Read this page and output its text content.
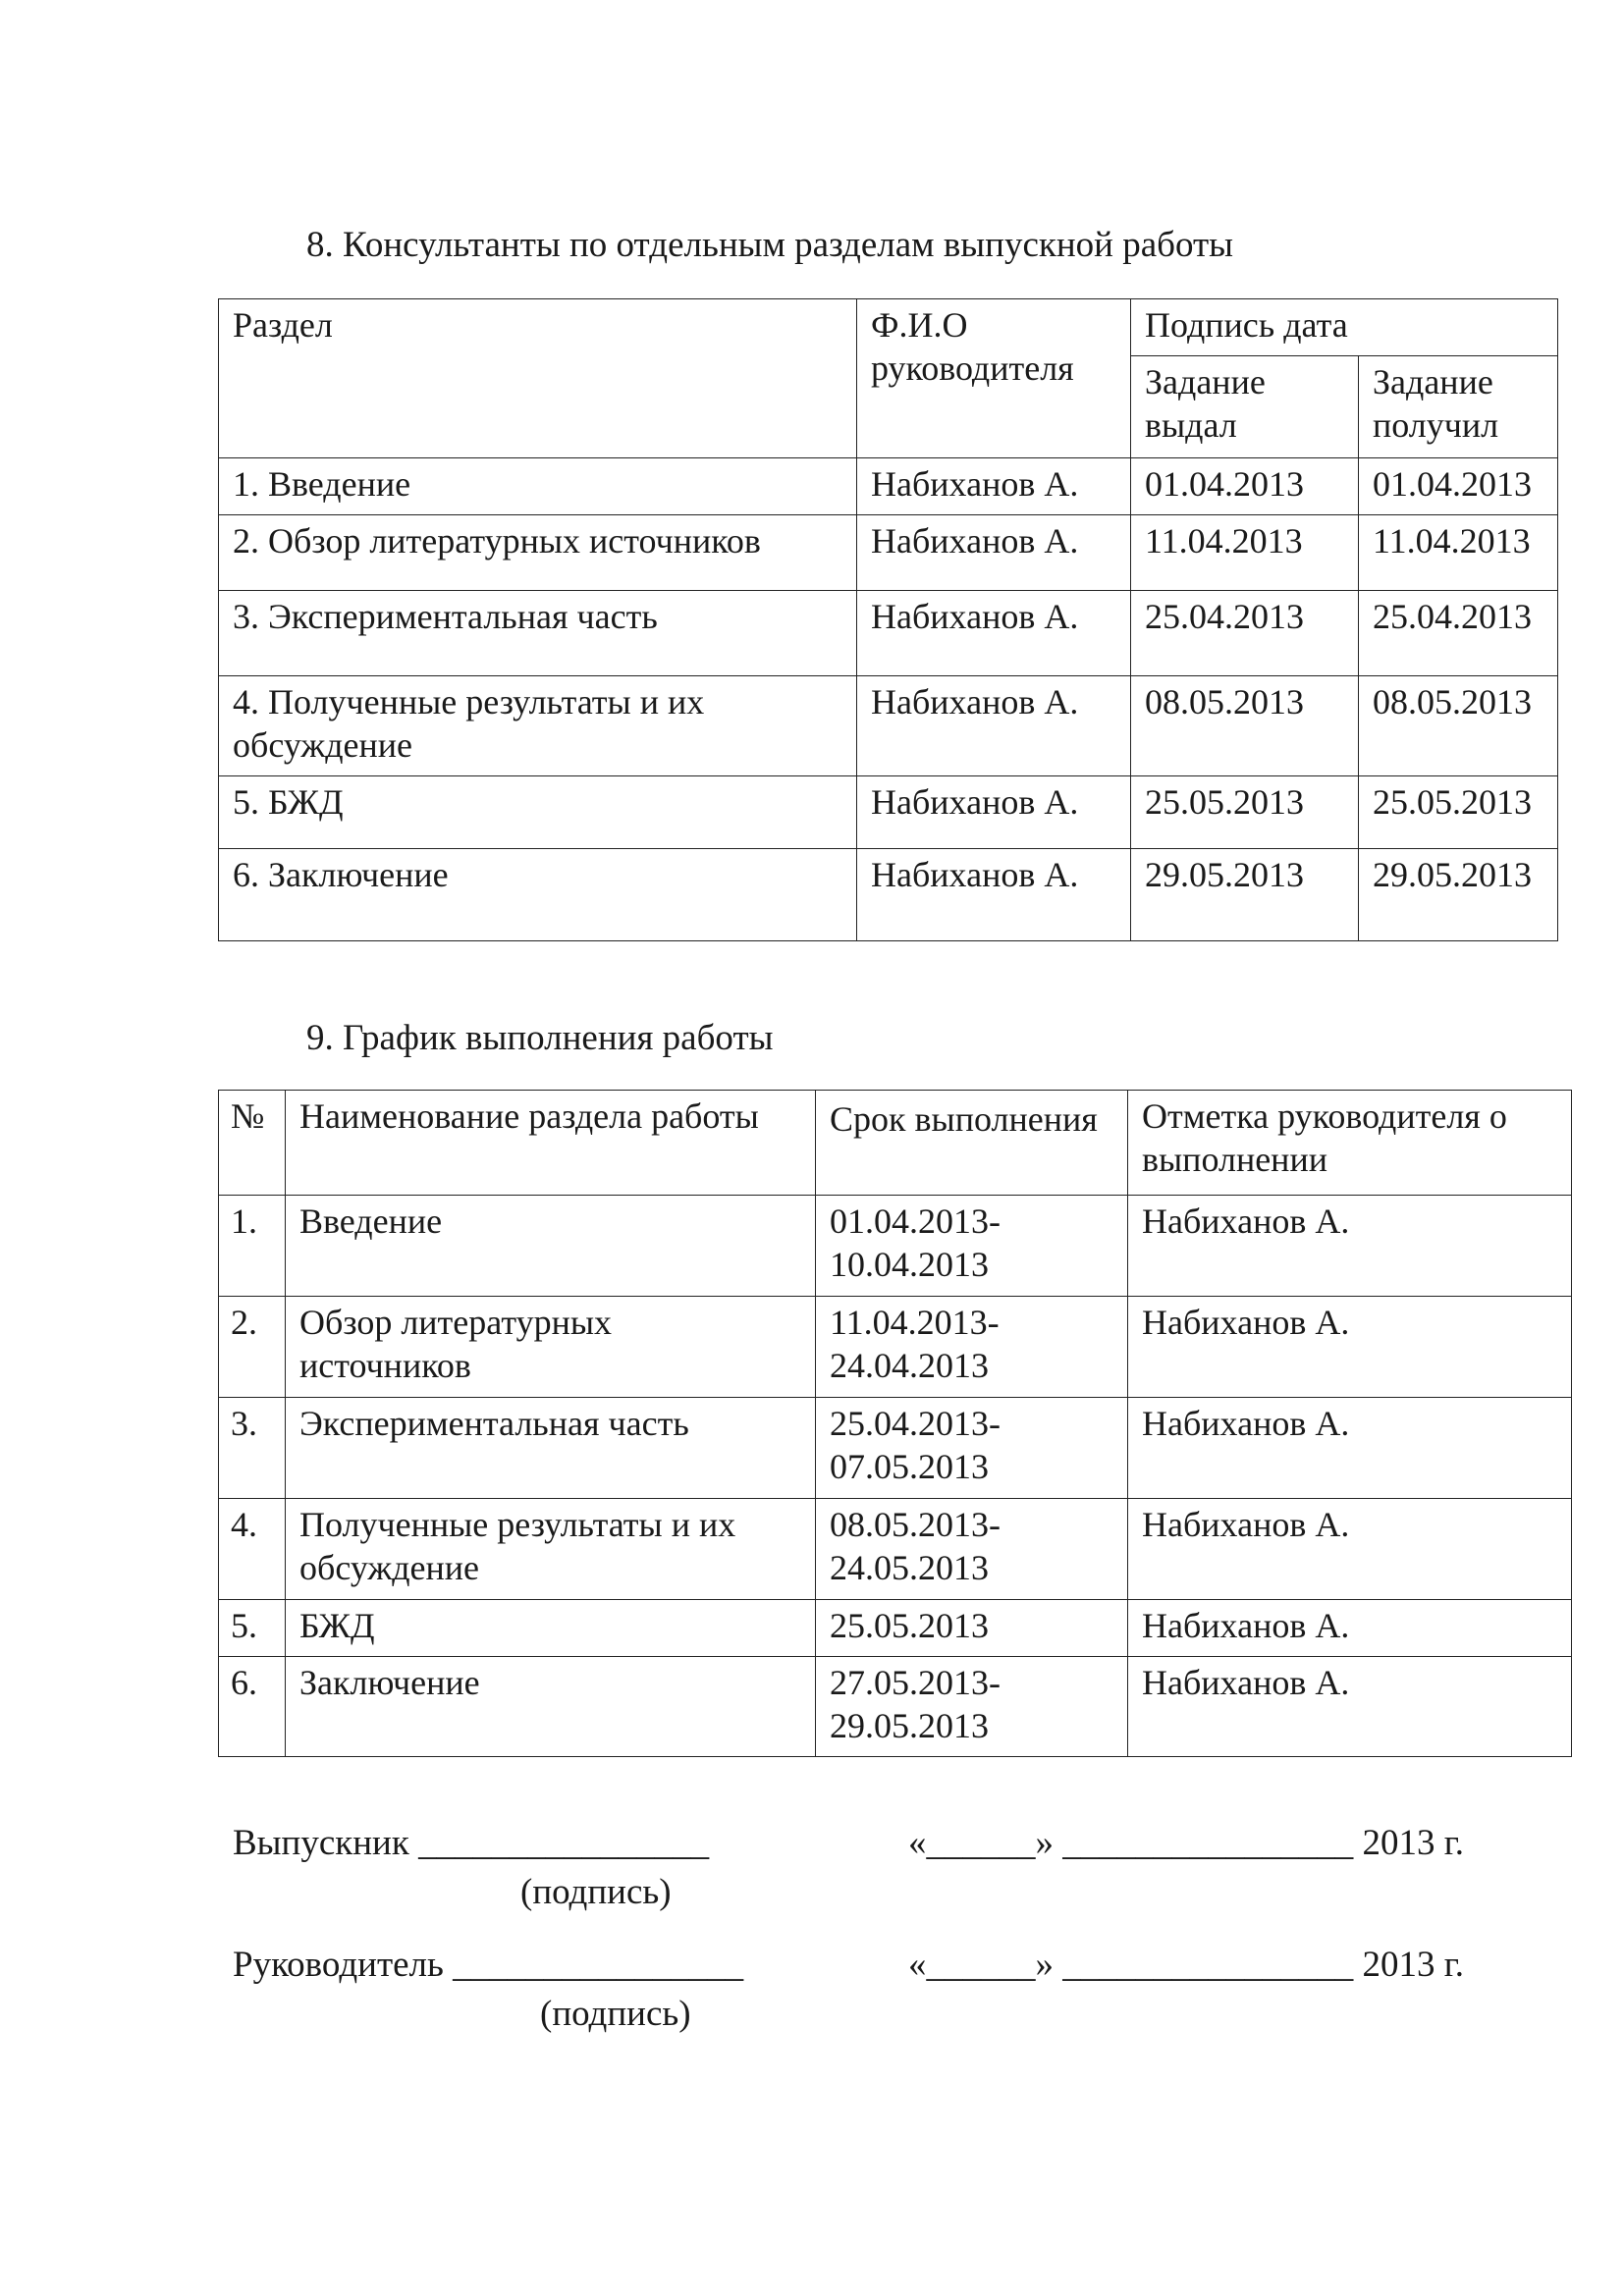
8. Консультанты по отдельным разделам выпускной работы
Раздел	Ф.И.О руководителя	Подпись дата	
		Задание выдал	Задание получил
1. Введение	Набиханов А.	01.04.2013	01.04.2013
2. Обзор литературных источников	Набиханов А.	11.04.2013	11.04.2013
3. Экспериментальная часть	Набиханов А.	25.04.2013	25.04.2013
4. Полученные результаты и их обсуждение	Набиханов А.	08.05.2013	08.05.2013
5. БЖД	Набиханов А.	25.05.2013	25.05.2013
6. Заключение	Набиханов А.	29.05.2013	29.05.2013
9. График выполнения работы
№	Наименование раздела работы	Срок выполнения	Отметка руководителя о выполнении
1.	Введение	01.04.2013-10.04.2013	Набиханов А.
2.	Обзор литературных источников	11.04.2013-24.04.2013	Набиханов А.
3.	Экспериментальная часть	25.04.2013-07.05.2013	Набиханов А.
4.	Полученные результаты и их обсуждение	08.05.2013-24.05.2013	Набиханов А.
5.	БЖД	25.05.2013	Набиханов А.
6.	Заключение	27.05.2013-29.05.2013	Набиханов А.
Выпускник ________________
(подпись)
«______» ________________ 2013 г.
Руководитель ________________
(подпись)
«______» ________________ 2013 г.
